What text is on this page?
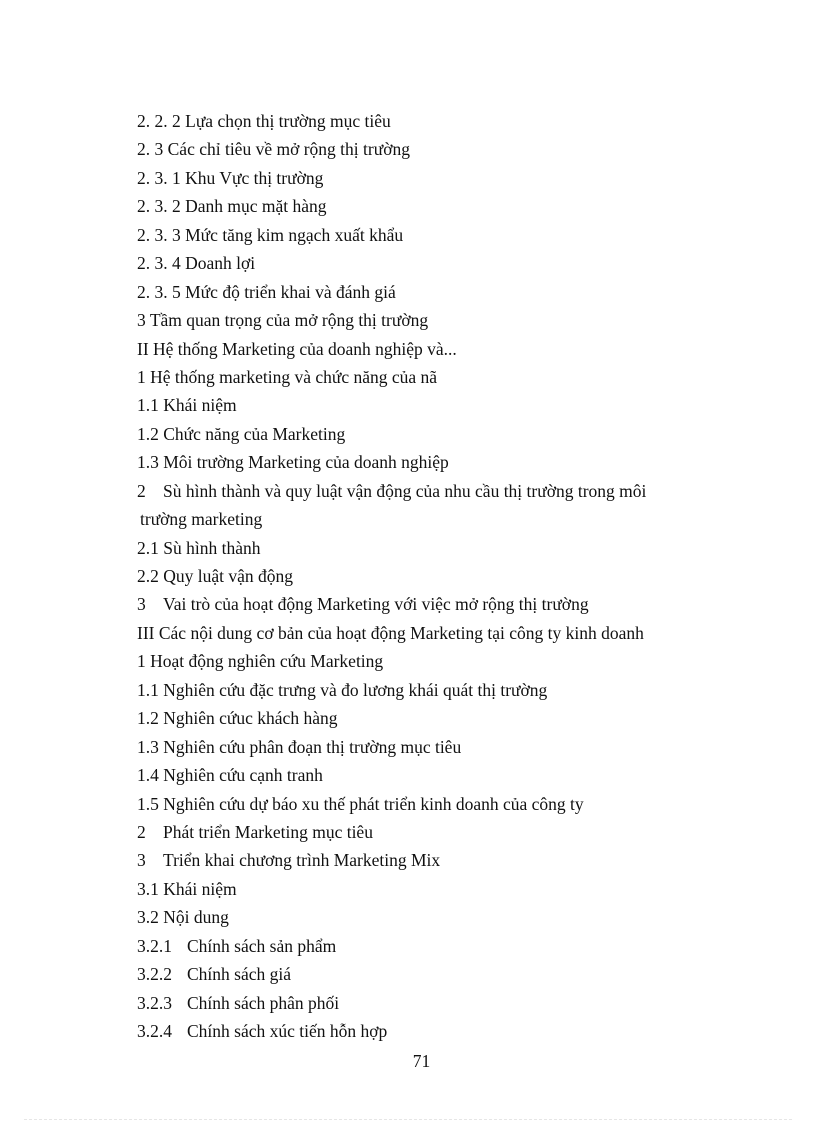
2. 2. 2 Lựa chọn thị trường mục tiêu
2. 3 Các chỉ tiêu về mở rộng thị trường
2. 3. 1 Khu Vực thị trường
2. 3. 2 Danh mục mặt hàng
2. 3. 3 Mức tăng kim ngạch xuất khẩu
2. 3. 4 Doanh lợi
2. 3. 5 Mức độ triển khai và đánh giá
3 Tầm quan trọng của mở rộng thị trường
II Hệ thống Marketing của doanh nghiệp và...
1 Hệ thống marketing và chức năng của nã
1.1 Khái niệm
1.2 Chức năng của Marketing
1.3 Môi trường Marketing của doanh nghiệp
2 Sù hình thành và quy luật vận động của nhu cầu thị trường trong môi
trường marketing
2.1 Sù hình thành
2.2 Quy luật vận động
3 Vai trò của hoạt động Marketing với việc mở rộng thị trường
III Các nội dung cơ bản của hoạt động Marketing tại công ty kinh doanh
1 Hoạt động nghiên cứu Marketing
1.1 Nghiên cứu đặc trưng và đo lương khái quát thị trường
1.2 Nghiên cứuc khách hàng
1.3 Nghiên cứu phân đoạn thị trường mục tiêu
1.4 Nghiên cứu cạnh tranh
1.5 Nghiên cứu dự báo xu thế phát triển kinh doanh của công ty
2 Phát triển Marketing mục tiêu
3 Triển khai chương trình Marketing Mix
3.1 Khái niệm
3.2 Nội dung
3.2.1 Chính sách sản phẩm
3.2.2 Chính sách giá
3.2.3 Chính sách phân phối
3.2.4 Chính sách xúc tiến hỗn hợp
71
